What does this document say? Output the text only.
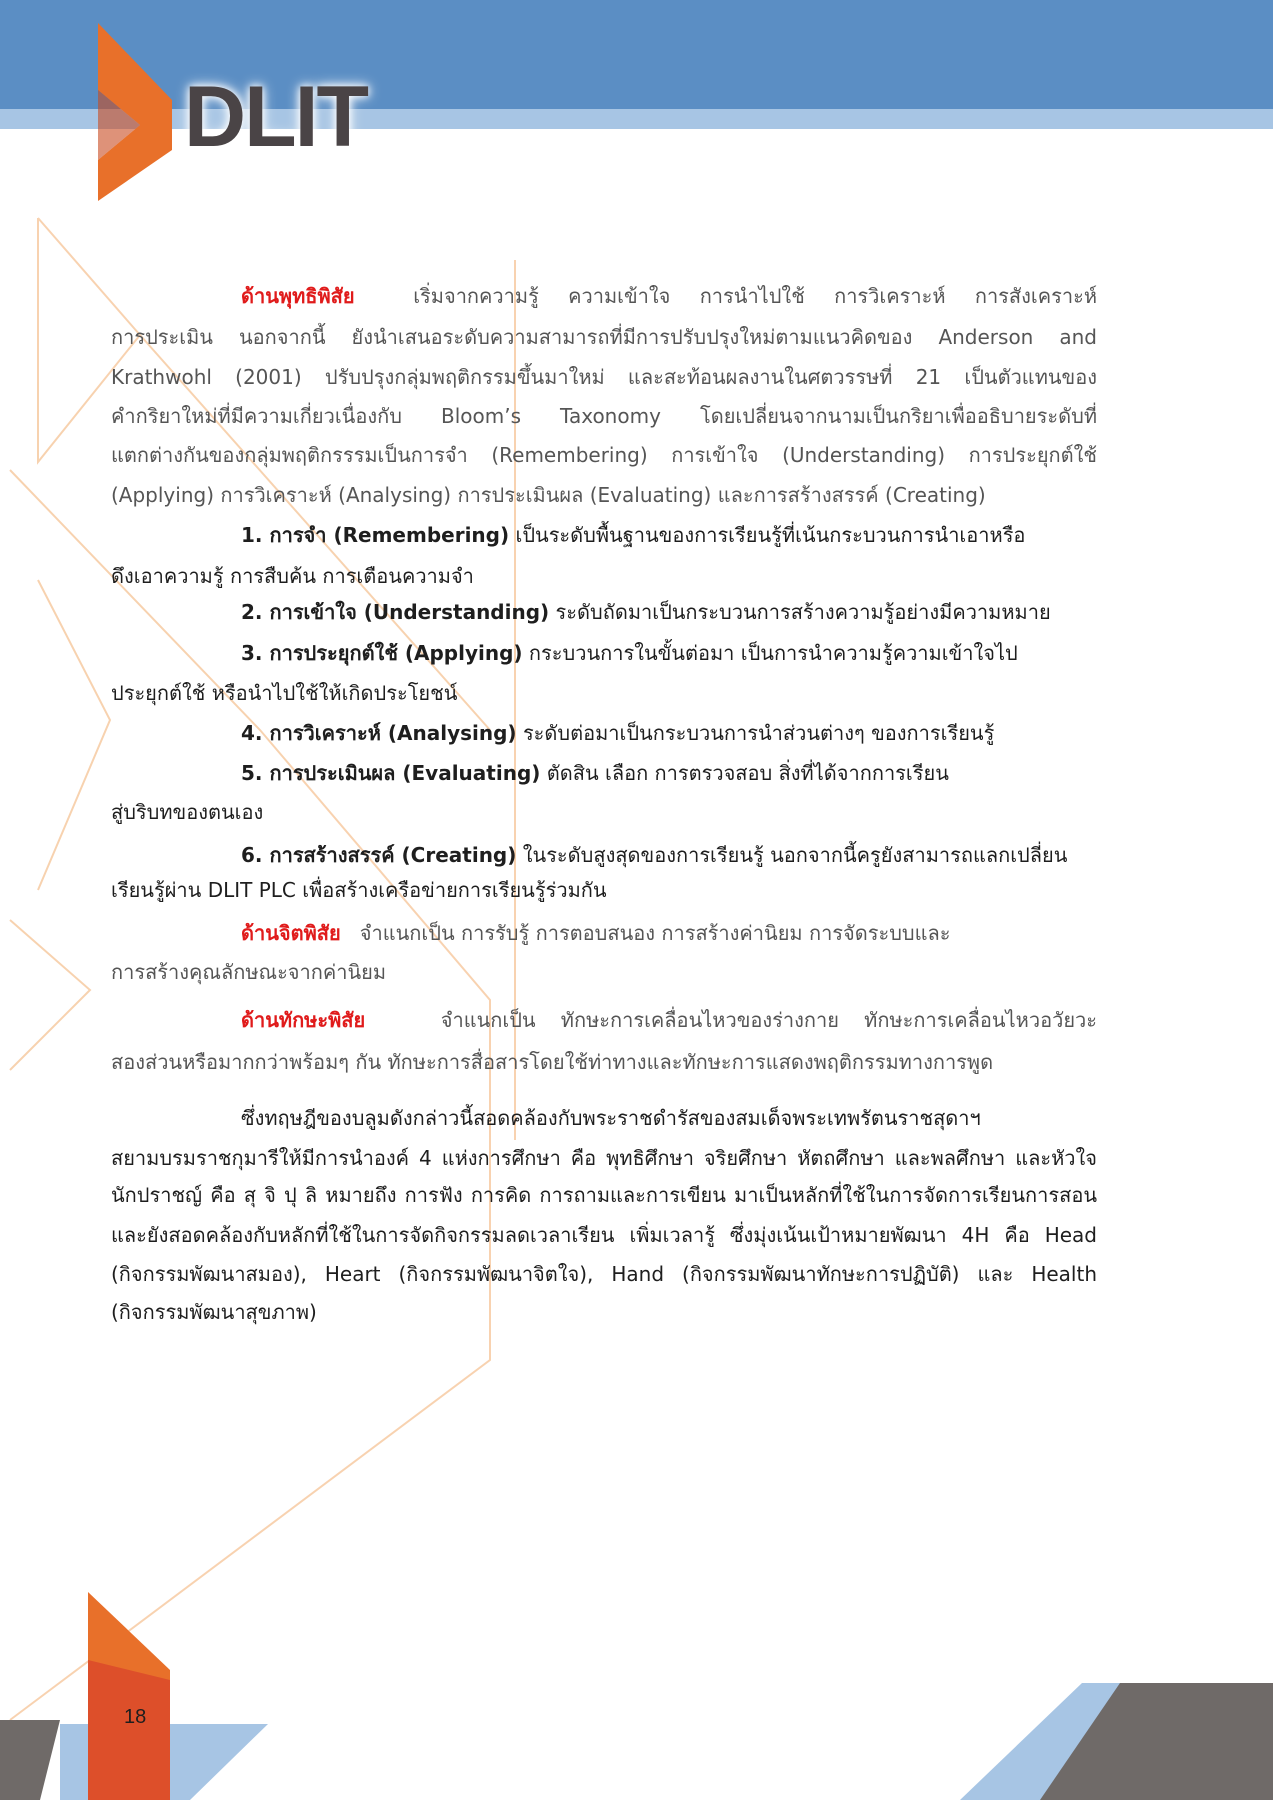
DLIT
ด้านพุทธิพิสัย	เริ่มจากความรู้ ความเข้าใจ การนำไปใช้ การวิเคราะห์ การสังเคราะห์
การประเมิน นอกจากนี้ ยังนำเสนอระดับความสามารถที่มีการปรับปรุงใหม่ตามแนวคิดของ Anderson and
Krathwohl (2001) ปรับปรุงกลุ่มพฤติกรรมขึ้นมาใหม่ และสะท้อนผลงานในศตวรรษที่ 21 เป็นตัวแทนของ
คำกริยาใหม่ที่มีความเกี่ยวเนื่องกับ Bloom’s Taxonomy โดยเปลี่ยนจากนามเป็นกริยาเพื่ออธิบายระดับที่
แตกต่างกันของกลุ่มพฤติกรรรมเป็นการจำ (Remembering) การเข้าใจ (Understanding) การประยุกต์ใช้
(Applying) การวิเคราะห์ (Analysing) การประเมินผล (Evaluating) และการสร้างสรรค์ (Creating)
1. การจำ (Remembering) เป็นระดับพื้นฐานของการเรียนรู้ที่เน้นกระบวนการนำเอาหรือ
ดึงเอาความรู้ การสืบค้น การเตือนความจำ
2. การเข้าใจ (Understanding) ระดับถัดมาเป็นกระบวนการสร้างความรู้อย่างมีความหมาย
3. การประยุกต์ใช้ (Applying) กระบวนการในขั้นต่อมา เป็นการนำความรู้ความเข้าใจไป
ประยุกต์ใช้ หรือนำไปใช้ให้เกิดประโยชน์
4. การวิเคราะห์ (Analysing) ระดับต่อมาเป็นกระบวนการนำส่วนต่างๆ ของการเรียนรู้
5. การประเมินผล (Evaluating) ตัดสิน เลือก การตรวจสอบ สิ่งที่ได้จากการเรียน
สู่บริบทของตนเอง
6. การสร้างสรรค์ (Creating) ในระดับสูงสุดของการเรียนรู้ นอกจากนี้ครูยังสามารถแลกเปลี่ยน
เรียนรู้ผ่าน DLIT PLC เพื่อสร้างเครือข่ายการเรียนรู้ร่วมกัน
ด้านจิตพิสัย จำแนกเป็น การรับรู้ การตอบสนอง การสร้างค่านิยม การจัดระบบและ
การสร้างคุณลักษณะจากค่านิยม
ด้านทักษะพิสัย	จำแนกเป็น ทักษะการเคลื่อนไหวของร่างกาย ทักษะการเคลื่อนไหวอวัยวะ
สองส่วนหรือมากกว่าพร้อมๆ กัน ทักษะการสื่อสารโดยใช้ท่าทางและทักษะการแสดงพฤติกรรมทางการพูด
ซึ่งทฤษฎีของบลูมดังกล่าวนี้สอดคล้องกับพระราชดำรัสของสมเด็จพระเทพรัตนราชสุดาฯ
สยามบรมราชกุมารีให้มีการนำองค์ 4 แห่งการศึกษา คือ พุทธิศึกษา จริยศึกษา หัตถศึกษา และพลศึกษา และหัวใจ
นักปราชญ์ คือ สุ จิ ปุ ลิ หมายถึง การฟัง การคิด การถามและการเขียน มาเป็นหลักที่ใช้ในการจัดการเรียนการสอน
และยังสอดคล้องกับหลักที่ใช้ในการจัดกิจกรรมลดเวลาเรียน เพิ่มเวลารู้ ซึ่งมุ่งเน้นเป้าหมายพัฒนา 4H คือ Head
(กิจกรรมพัฒนาสมอง), Heart (กิจกรรมพัฒนาจิตใจ), Hand (กิจกรรมพัฒนาทักษะการปฏิบัติ) และ Health
(กิจกรรมพัฒนาสุขภาพ)
18
